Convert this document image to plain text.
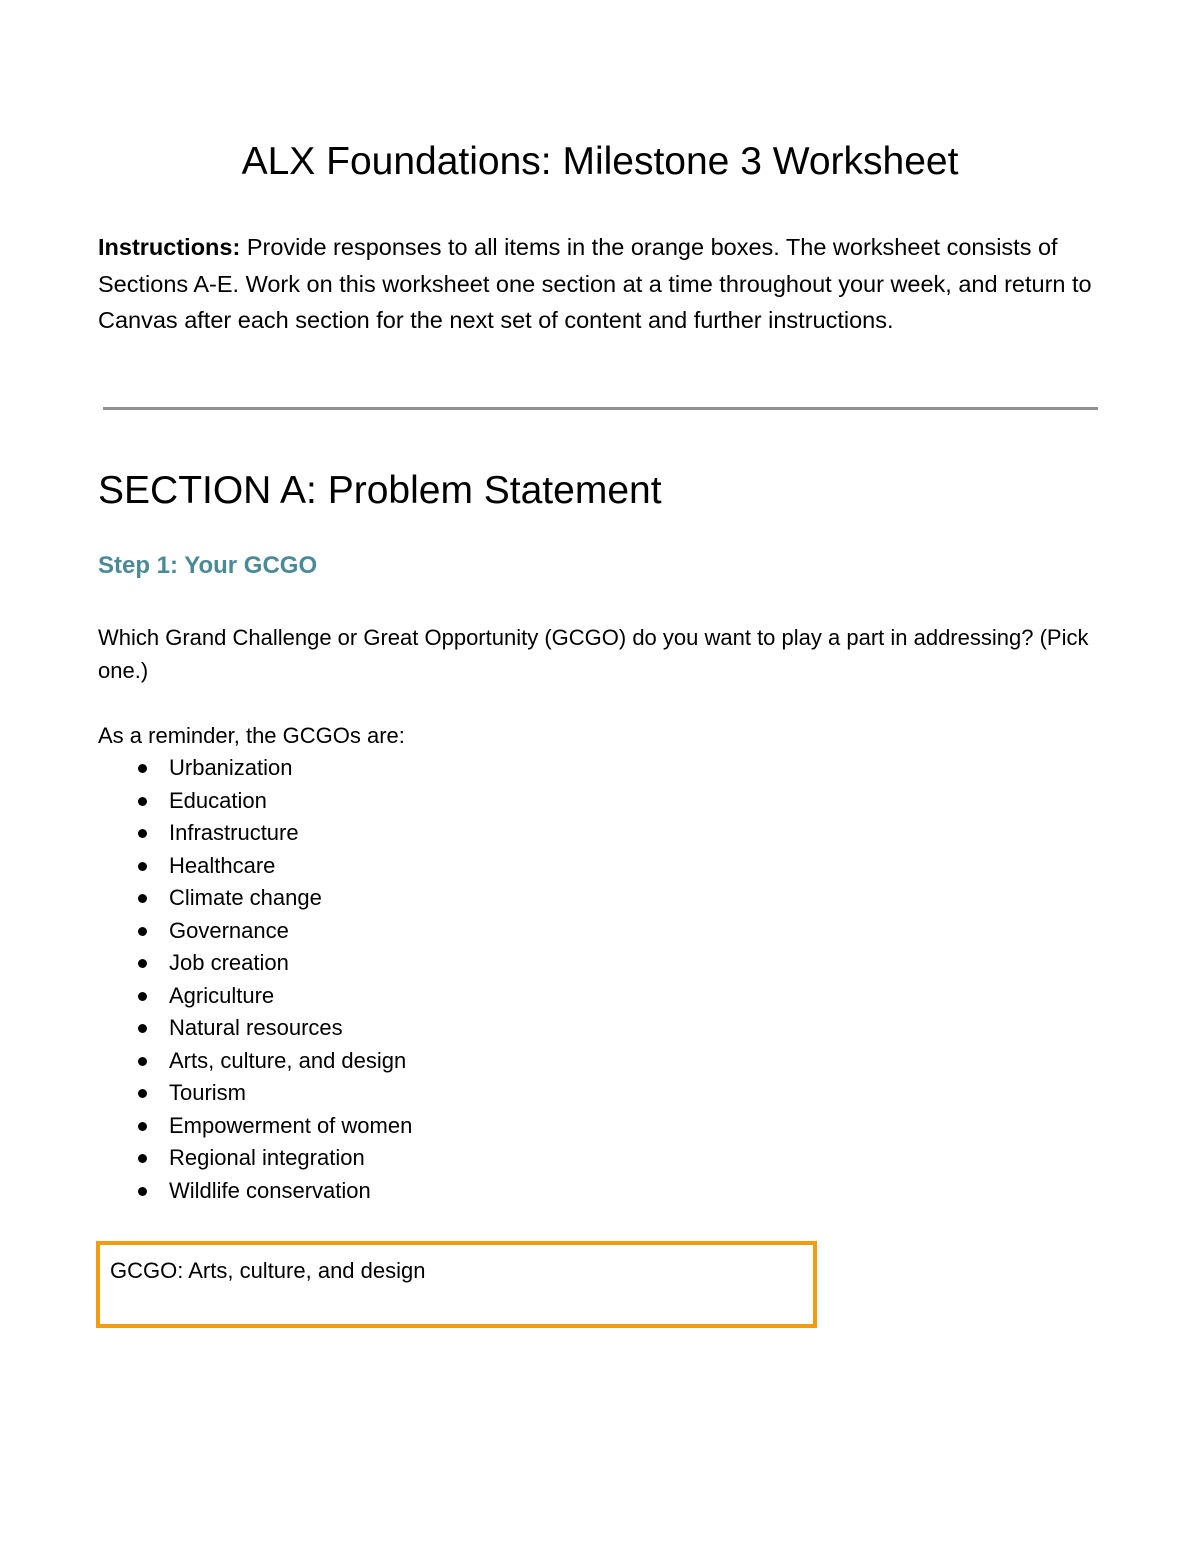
ALX Foundations: Milestone 3 Worksheet

Instructions: Provide responses to all items in the orange boxes. The worksheet consists of Sections A-E. Work on this worksheet one section at a time throughout your week, and return to Canvas after each section for the next set of content and further instructions.

SECTION A: Problem Statement
Step 1: Your GCGO

Which Grand Challenge or Great Opportunity (GCGO) do you want to play a part in addressing? (Pick one.)

As a reminder, the GCGOs are:

Urbanization
Education
Infrastructure
Healthcare
Climate change
Governance
Job creation
Agriculture
Natural resources
Arts, culture, and design
Tourism
Empowerment of women
Regional integration
Wildlife conservation
GCGO: Arts, culture, and design
